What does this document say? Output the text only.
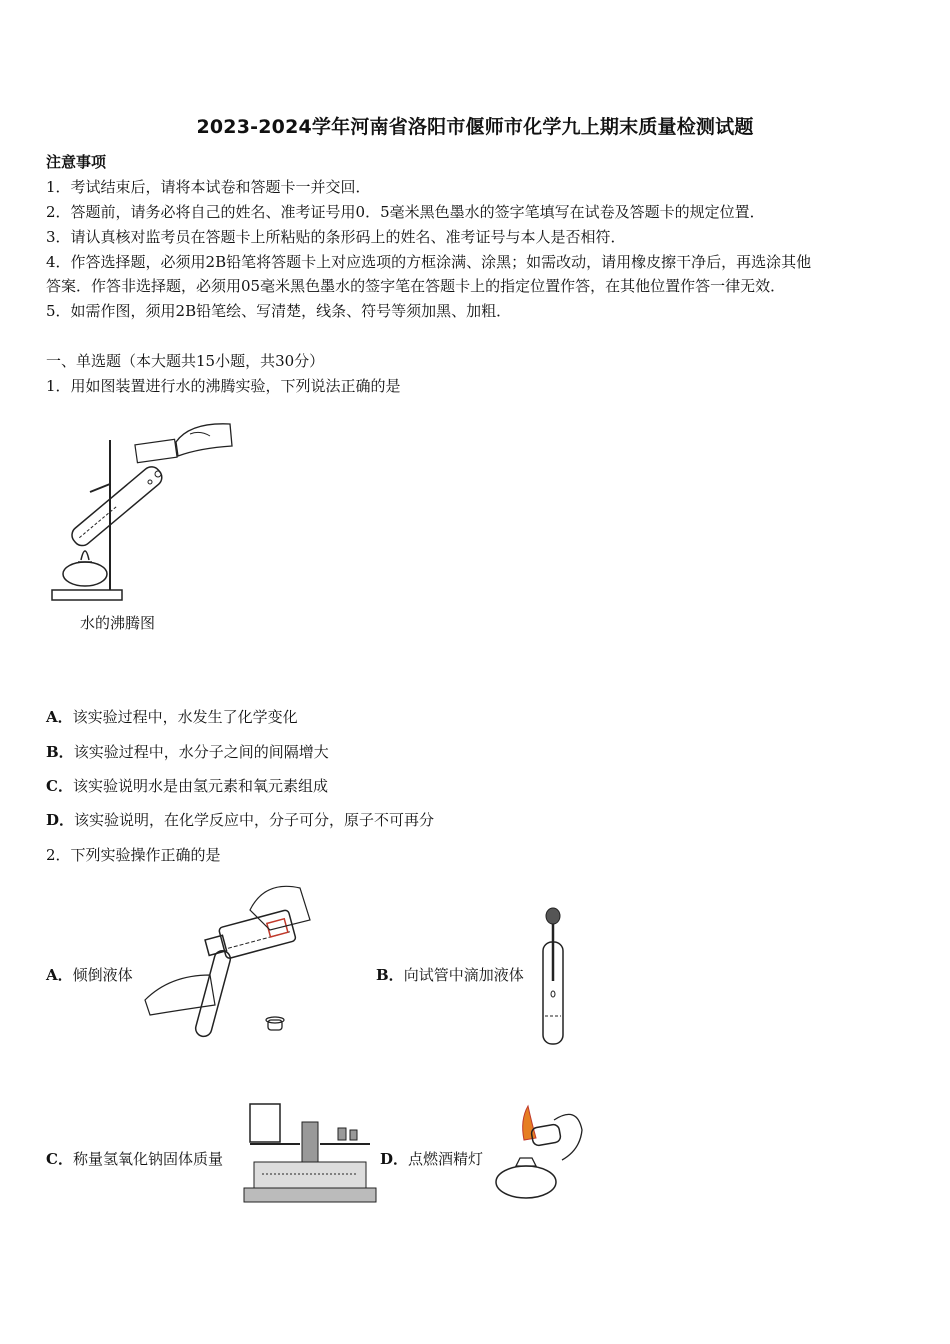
2023-2024学年河南省洛阳市偃师市化学九上期末质量检测试题
注意事项
1．考试结束后，请将本试卷和答题卡一并交回．
2．答题前，请务必将自己的姓名、准考证号用0．5毫米黑色墨水的签字笔填写在试卷及答题卡的规定位置．
3．请认真核对监考员在答题卡上所粘贴的条形码上的姓名、准考证号与本人是否相符．
4．作答选择题，必须用2B铅笔将答题卡上对应选项的方框涂满、涂黑；如需改动，请用橡皮擦干净后，再选涂其他
答案．作答非选择题，必须用05毫米黑色墨水的签字笔在答题卡上的指定位置作答，在其他位置作答一律无效．
5．如需作图，须用2B铅笔绘、写清楚，线条、符号等须加黑、加粗．
一、单选题（本大题共15小题，共30分）
1．用如图装置进行水的沸腾实验，下列说法正确的是
水的沸腾图
A．该实验过程中，水发生了化学变化
B．该实验过程中，水分子之间的间隔增大
C．该实验说明水是由氢元素和氧元素组成
D．该实验说明，在化学反应中，分子可分，原子不可再分
2．下列实验操作正确的是
A．倾倒液体	B．向试管中滴加液体
C．称量氢氧化钠固体质量	D．点燃酒精灯
